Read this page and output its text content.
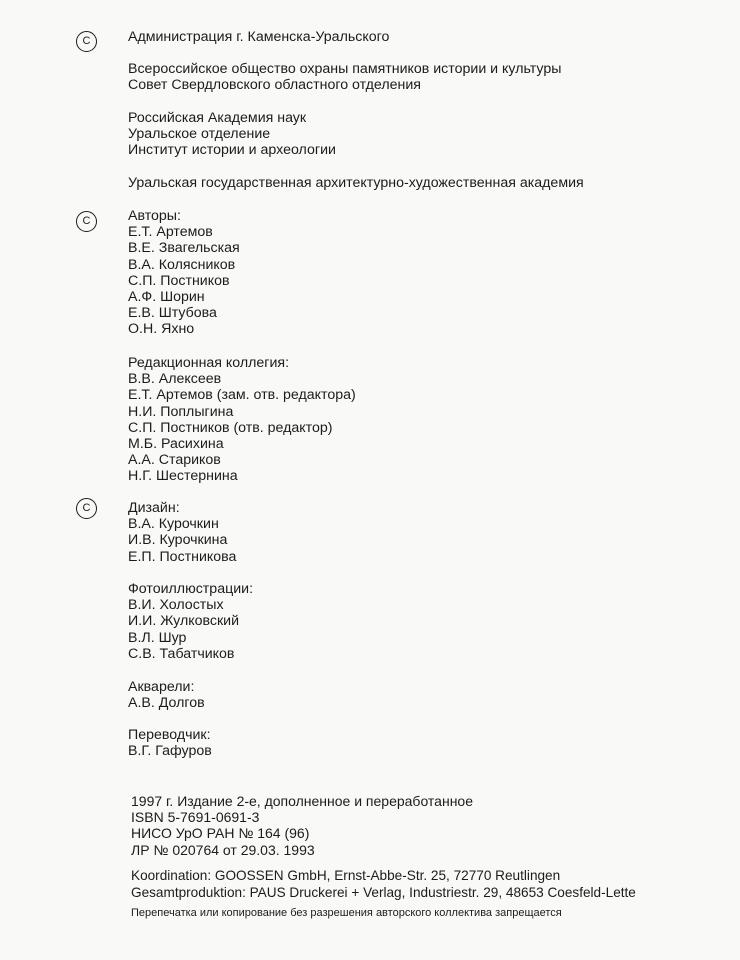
C
C
C
Администрация г. Каменска-Уральского
Всероссийское общество охраны памятников истории и культуры
Совет Свердловского областного отделения
Российская Академия наук
Уральское отделение
Институт истории и археологии
Уральская государственная архитектурно-художественная академия
Авторы:
Е.Т. Артемов
В.Е. Звагельская
В.А. Колясников
С.П. Постников
А.Ф. Шорин
Е.В. Штубова
О.Н. Яхно
Редакционная коллегия:
В.В. Алексеев
Е.Т. Артемов (зам. отв. редактора)
Н.И. Поплыгина
С.П. Постников (отв. редактор)
М.Б. Расихина
А.А. Стариков
Н.Г. Шестернина
Дизайн:
В.А. Курочкин
И.В. Курочкина
Е.П. Постникова
Фотоиллюстрации:
В.И. Холостых
И.И. Жулковский
В.Л. Шур
С.В. Табатчиков
Акварели:
А.В. Долгов
Переводчик:
В.Г. Гафуров
1997 г. Издание 2-е, дополненное и переработанное
ISBN 5-7691-0691-3
НИСО УрО РАН № 164 (96)
ЛР № 020764 от 29.03. 1993
Koordination: GOOSSEN GmbH, Ernst-Abbe-Str. 25, 72770 Reutlingen
Gesamtproduktion: PAUS Druckerei + Verlag, Industriestr. 29, 48653 Coesfeld-Lette
Перепечатка или копирование без разрешения авторского коллектива запрещается
